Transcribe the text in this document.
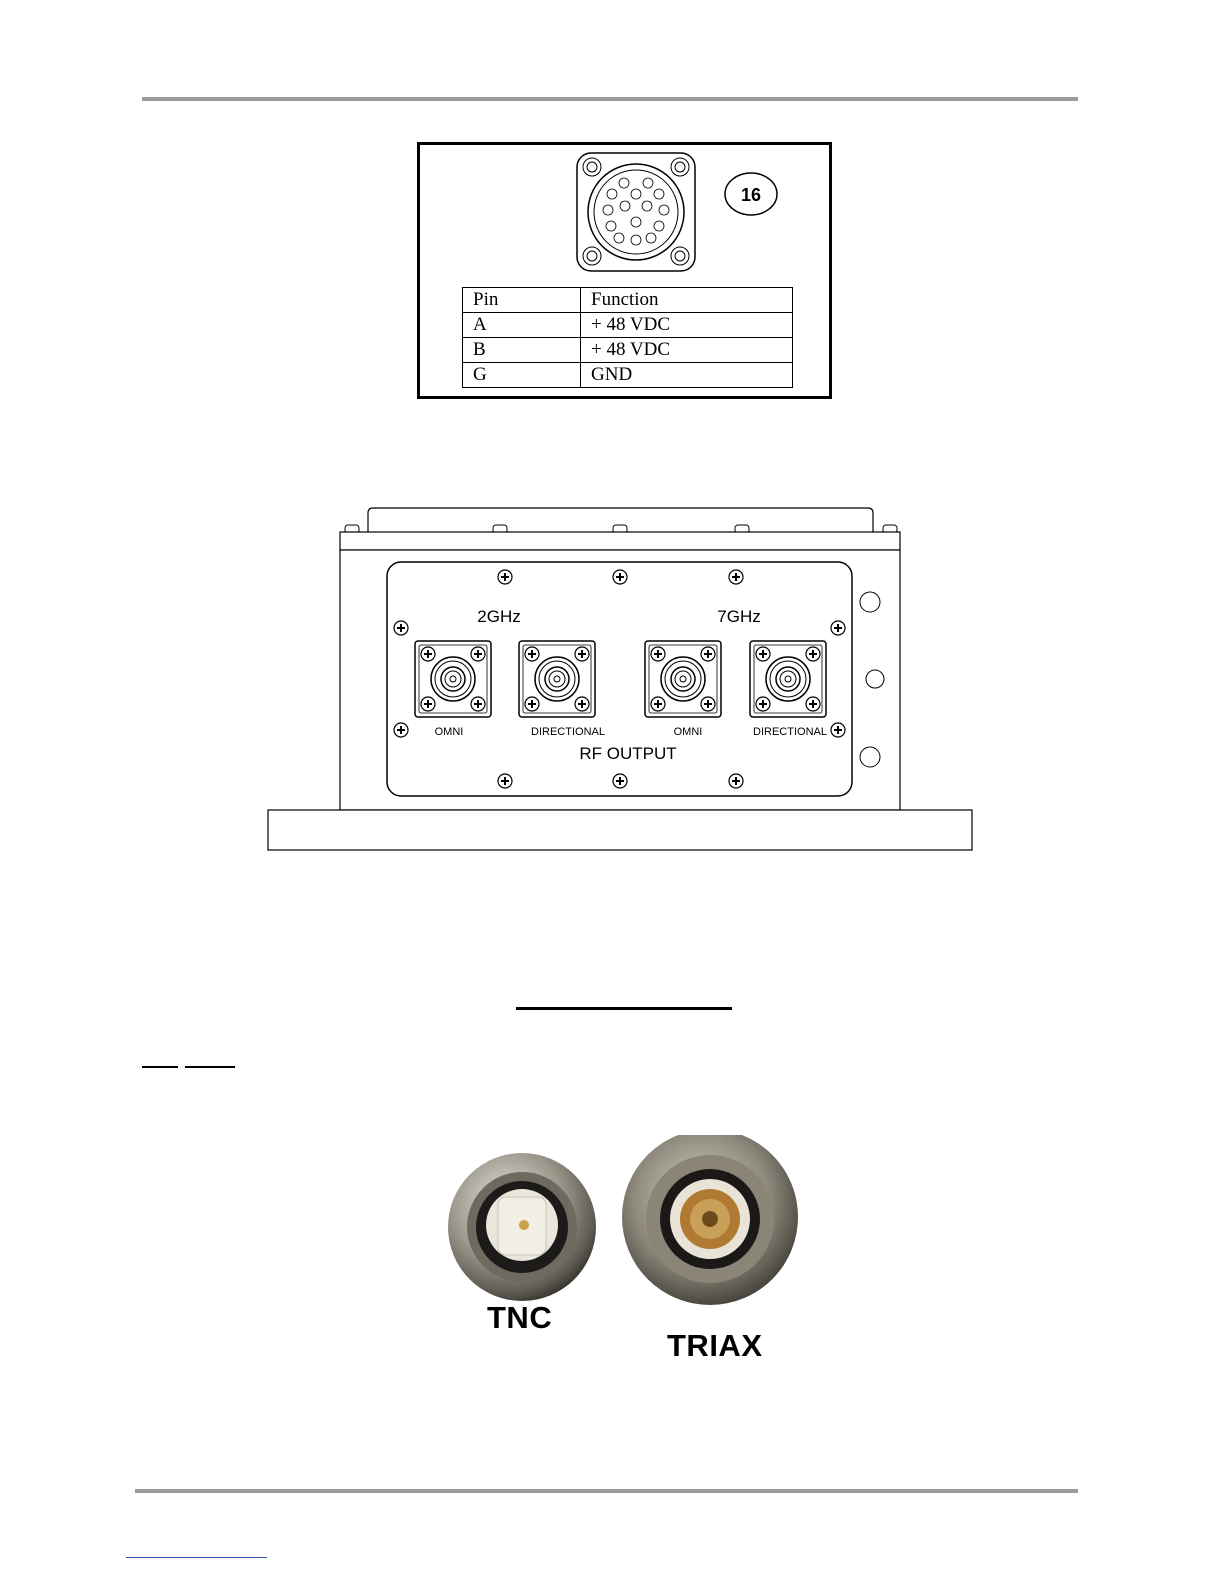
16
Pin	Function
A	+ 48 VDC
B	+ 48 VDC
G	GND
2GHz	7GHz
OMNI	DIRECTIONAL	OMNI	DIRECTIONAL
RF OUTPUT
TNC
TRIAX
